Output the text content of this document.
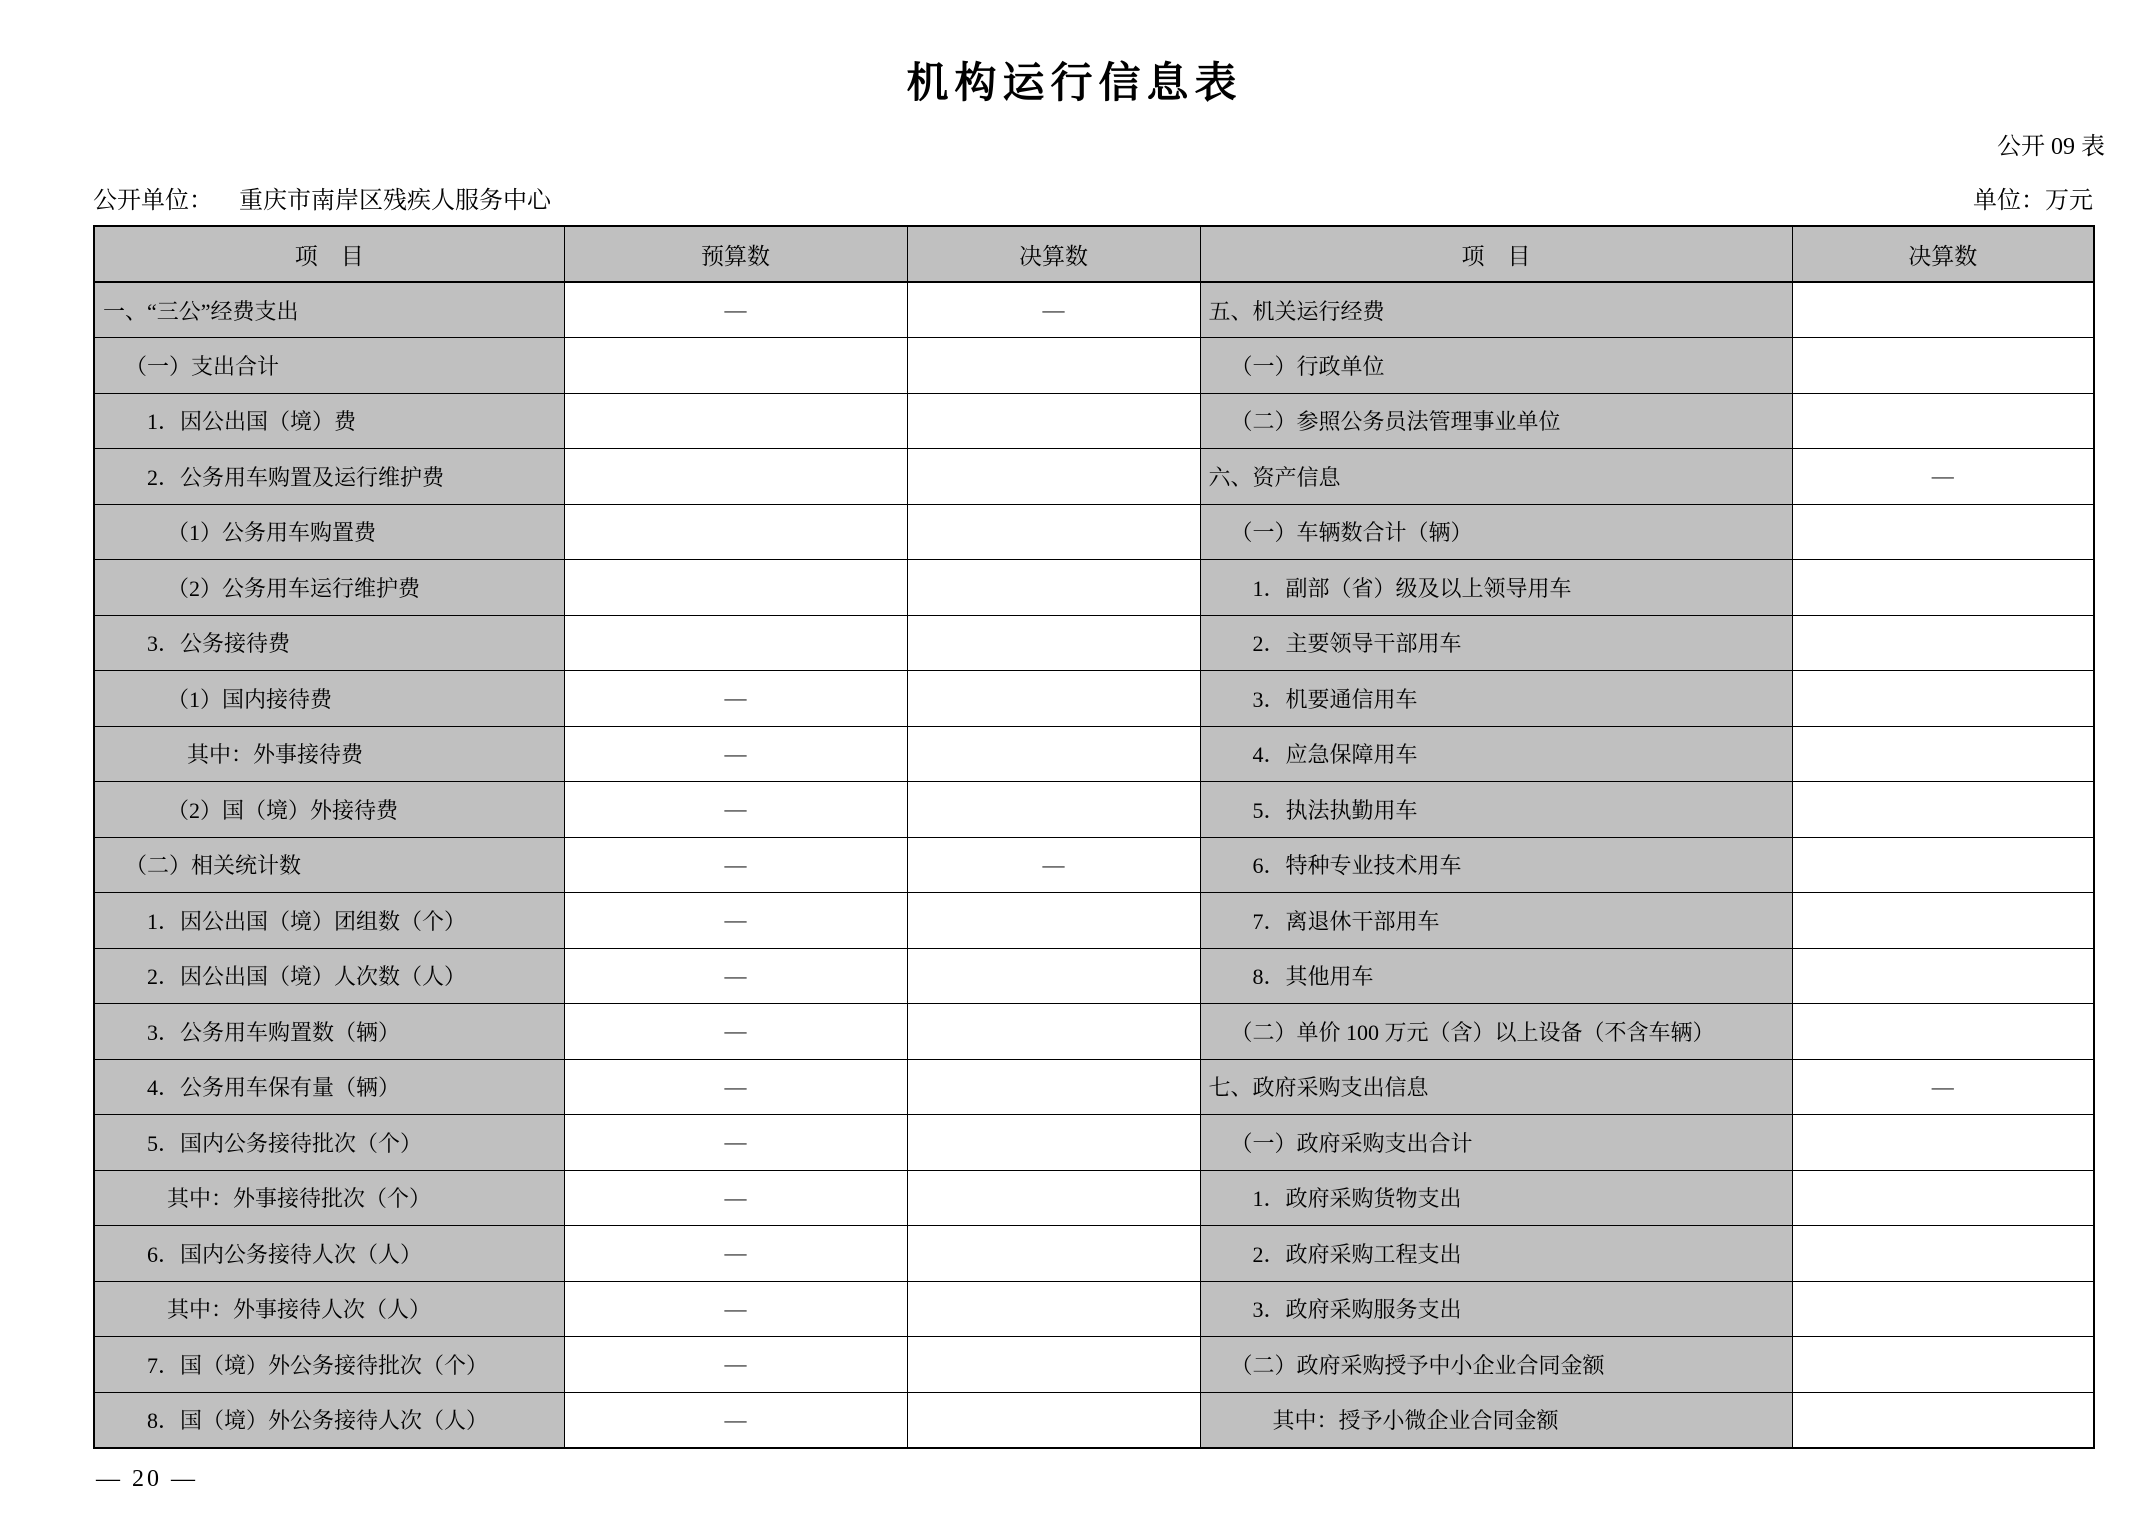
机构运行信息表
公开 09 表
公开单位： 重庆市南岸区残疾人服务中心	单位：万元
项　目	预算数	决算数	项　目	决算数
一、“三公”经费支出	—	—	五、机关运行经费	
（一）支出合计			（一）行政单位	
1．因公出国（境）费			（二）参照公务员法管理事业单位	
2．公务用车购置及运行维护费			六、资产信息	—
（1）公务用车购置费			（一）车辆数合计（辆）	
（2）公务用车运行维护费			1．副部（省）级及以上领导用车	
3．公务接待费			2．主要领导干部用车	
（1）国内接待费	—		3．机要通信用车	
其中：外事接待费	—		4．应急保障用车	
（2）国（境）外接待费	—		5．执法执勤用车	
（二）相关统计数	—	—	6．特种专业技术用车	
1．因公出国（境）团组数（个）	—		7．离退休干部用车	
2．因公出国（境）人次数（人）	—		8．其他用车	
3．公务用车购置数（辆）	—		（二）单价 100 万元（含）以上设备（不含车辆）	
4．公务用车保有量（辆）	—		七、政府采购支出信息	—
5．国内公务接待批次（个）	—		（一）政府采购支出合计	
其中：外事接待批次（个）	—		1．政府采购货物支出	
6．国内公务接待人次（人）	—		2．政府采购工程支出	
其中：外事接待人次（人）	—		3．政府采购服务支出	
7．国（境）外公务接待批次（个）	—		（二）政府采购授予中小企业合同金额	
8．国（境）外公务接待人次（人）	—		其中：授予小微企业合同金额	
— 20 —
